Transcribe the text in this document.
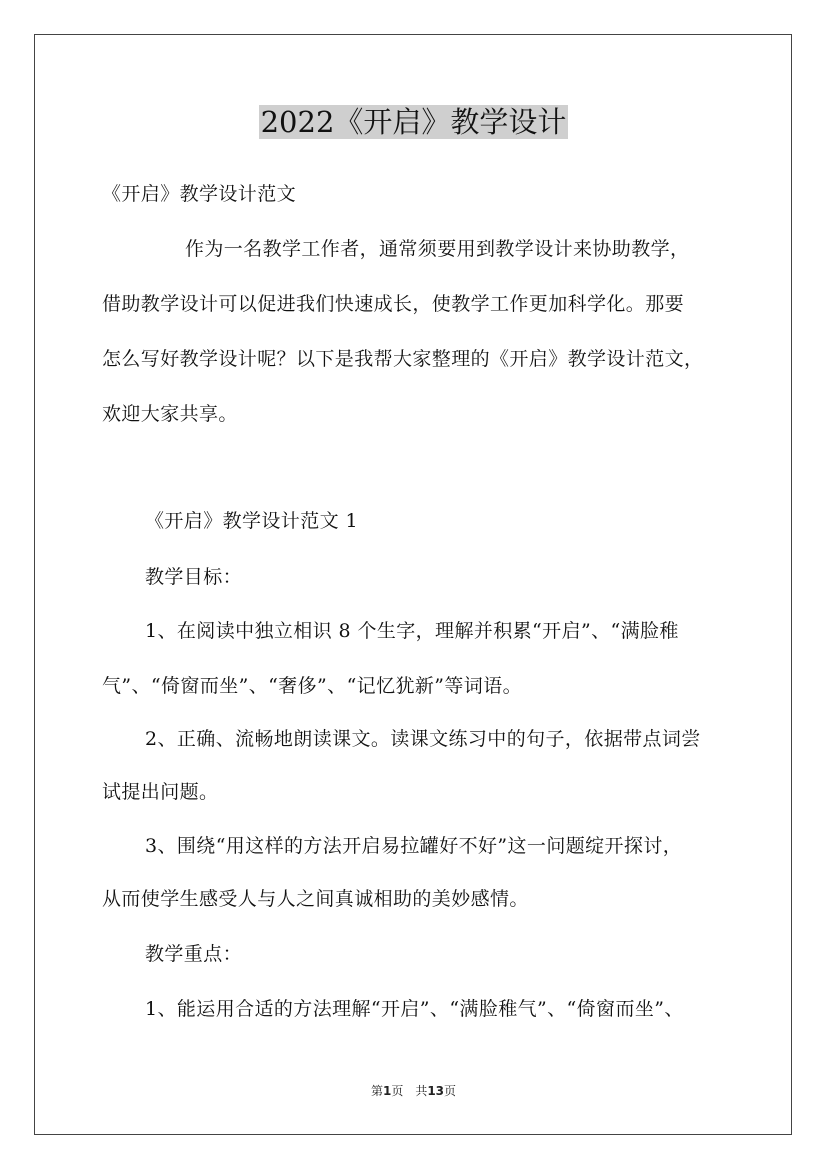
2022《开启》教学设计
《开启》教学设计范文
作为一名教学工作者，通常须要用到教学设计来协助教学，
借助教学设计可以促进我们快速成长，使教学工作更加科学化。那要
怎么写好教学设计呢？以下是我帮大家整理的《开启》教学设计范文，
欢迎大家共享。
《开启》教学设计范文 1
教学目标：
1、在阅读中独立相识 8 个生字，理解并积累“开启”、“满脸稚
气”、“倚窗而坐”、“奢侈”、“记忆犹新”等词语。
2、正确、流畅地朗读课文。读课文练习中的句子，依据带点词尝
试提出问题。
3、围绕“用这样的方法开启易拉罐好不好”这一问题绽开探讨，
从而使学生感受人与人之间真诚相助的美妙感情。
教学重点：
1、能运用合适的方法理解“开启”、“满脸稚气”、“倚窗而坐”、
第1页　共13页
